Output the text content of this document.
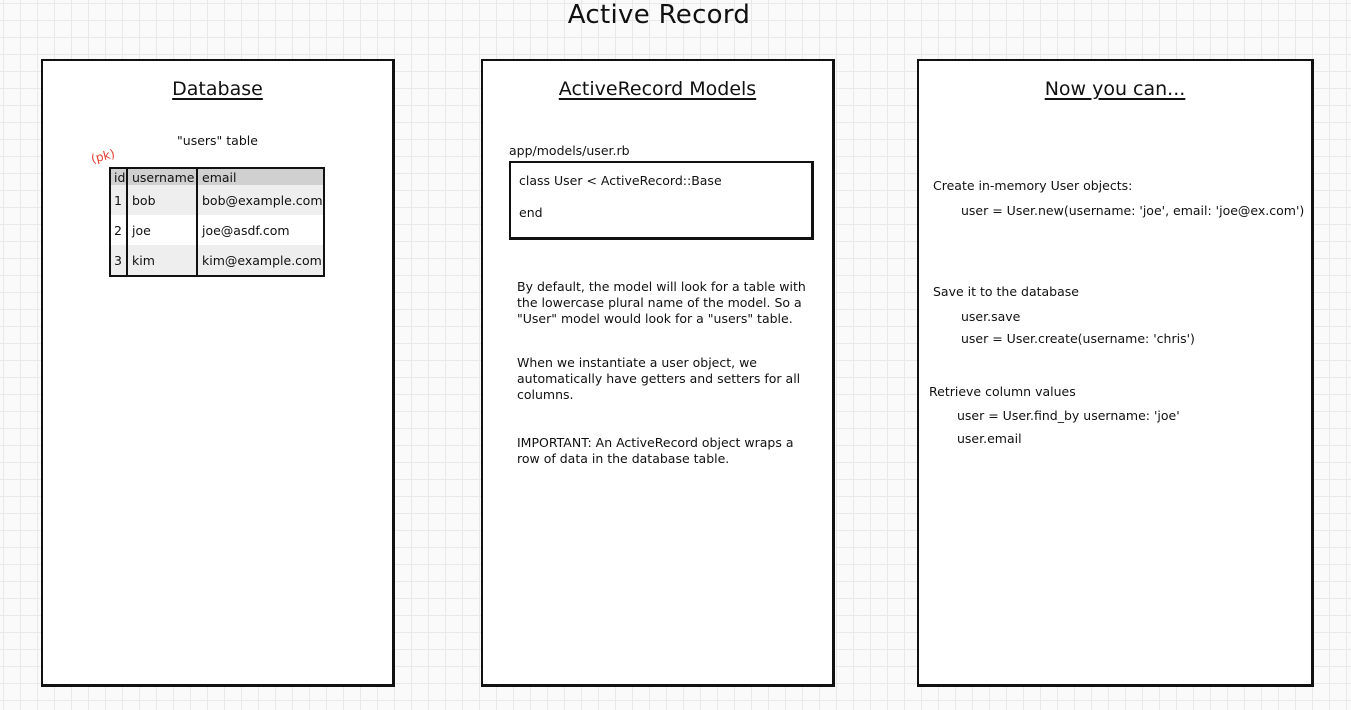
Active Record
Database
"users" table
(pk)
id username email
1 bob	bob@example.com
2 joe	joe@asdf.com
3 kim	kim@example.com
ActiveRecord Models
app/models/user.rb
class User < ActiveRecord::Base
end
By default, the model will look for a table with the lowercase plural name of the model. So a "User" model would look for a "users" table.
When we instantiate a user object, we automatically have getters and setters for all columns.
IMPORTANT: An ActiveRecord object wraps a row of data in the database table.
Now you can...
Create in-memory User objects:
user = User.new(username: 'joe', email: 'joe@ex.com')
Save it to the database
user.save
user = User.create(username: 'chris')
Retrieve column values
user = User.find_by username: 'joe'
user.email
